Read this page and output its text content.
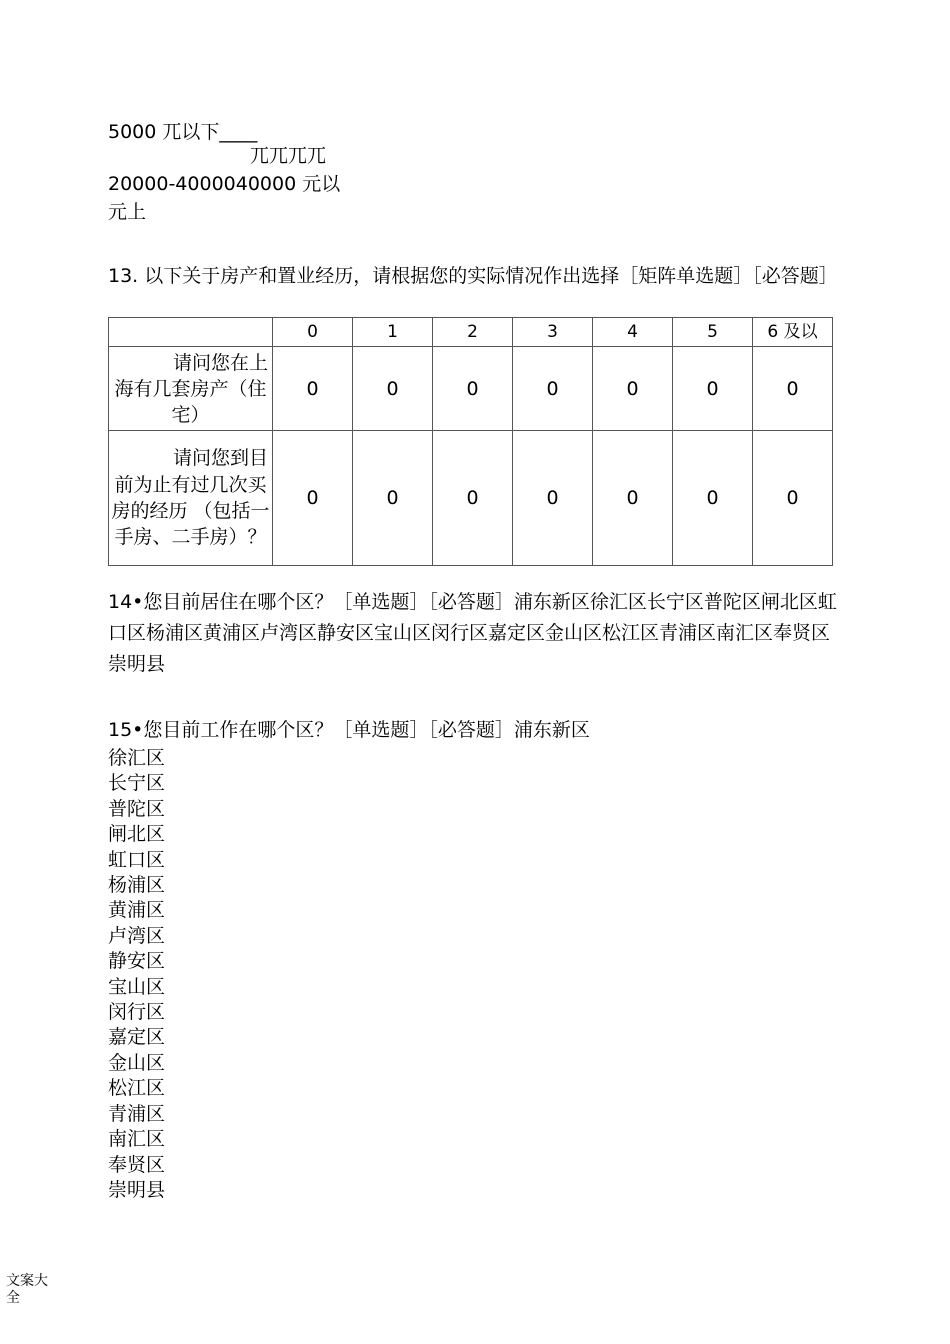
5000 兀以下____
兀兀兀兀
20000-4000040000 元以
元上
13. 以下关于房产和置业经历，请根据您的实际情况作出选择［矩阵单选题］［必答题］
	0	1	2	3	4	5	6 及以
请问您在上海有几套房产（住宅）	0	0	0	0	0	0	0
请问您到目前为止有过几次买房的经历 （包括一手房、二手房）？	0	0	0	0	0	0	0
14•您目前居住在哪个区？［单选题］［必答题］浦东新区徐汇区长宁区普陀区闸北区虹口区杨浦区黄浦区卢湾区静安区宝山区闵行区嘉定区金山区松江区青浦区南汇区奉贤区崇明县
15•您目前工作在哪个区？［单选题］［必答题］浦东新区
徐汇区
长宁区
普陀区
闸北区
虹口区
杨浦区
黄浦区
卢湾区
静安区
宝山区
闵行区
嘉定区
金山区
松江区
青浦区
南汇区
奉贤区
崇明县
文案大全
